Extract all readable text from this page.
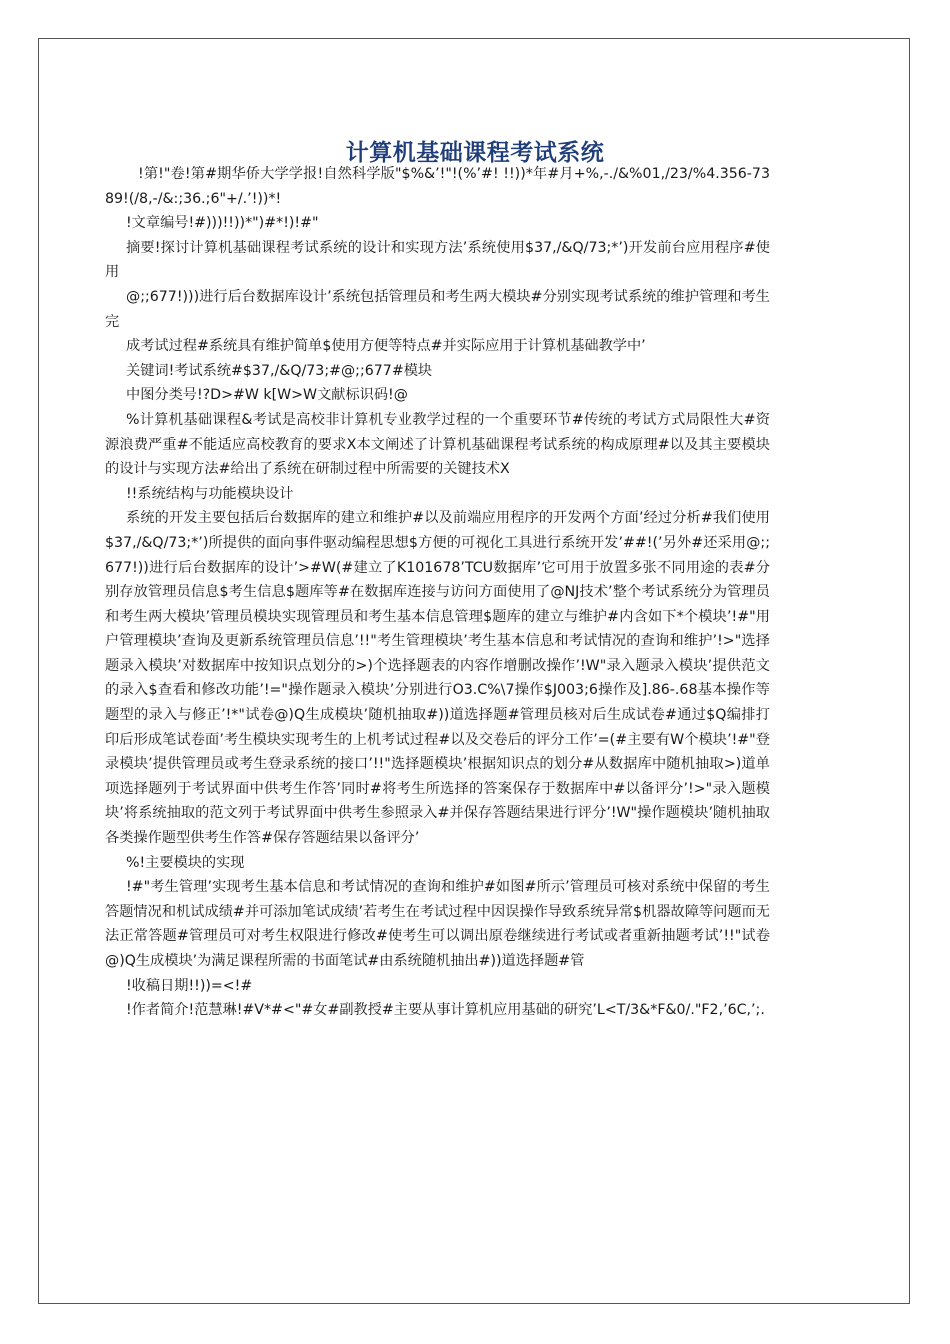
计算机基础课程考试系统

!第!"卷!第#期华侨大学学报!自然科学版"$%&’!"!(%’#! !!))*年#月+%,-./&%01,/23/%4.356-7389!(/8,-/&:;36.;6"+/.’!))*!

!文章编号!#)))!!))*")#*!)!#"

摘要!探讨计算机基础课程考试系统的设计和实现方法’系统使用$37,/&Q/73;*’)开发前台应用程序#使用

@;;677!)))进行后台数据库设计’系统包括管理员和考生两大模块#分别实现考试系统的维护管理和考生完

成考试过程#系统具有维护简单$使用方便等特点#并实际应用于计算机基础教学中’

关键词!考试系统#$37,/&Q/73;#@;;677#模块

中图分类号!?D>#W k[W>W文献标识码!@

%计算机基础课程&考试是高校非计算机专业教学过程的一个重要环节#传统的考试方式局限性大#资源浪费严重#不能适应高校教育的要求X本文阐述了计算机基础课程考试系统的构成原理#以及其主要模块的设计与实现方法#给出了系统在研制过程中所需要的关键技术X

!!系统结构与功能模块设计

系统的开发主要包括后台数据库的建立和维护#以及前端应用程序的开发两个方面’经过分析#我们使用$37,/&Q/73;*’)所提供的面向事件驱动编程思想$方便的可视化工具进行系统开发’##!(’另外#还采用@;;677!))进行后台数据库的设计’>#W(#建立了K101678’TCU数据库’它可用于放置多张不同用途的表#分别存放管理员信息$考生信息$题库等#在数据库连接与访问方面使用了@NJ技术’整个考试系统分为管理员和考生两大模块’管理员模块实现管理员和考生基本信息管理$题库的建立与维护#内含如下*个模块’!#"用户管理模块’查询及更新系统管理员信息’!!"考生管理模块’考生基本信息和考试情况的查询和维护’!>"选择题录入模块’对数据库中按知识点划分的>)个选择题表的内容作增删改操作’!W"录入题录入模块’提供范文的录入$查看和修改功能’!="操作题录入模块’分别进行O3.C%\7操作$J003;6操作及].86-.68基本操作等题型的录入与修正’!*"试卷@)Q生成模块’随机抽取#))道选择题#管理员核对后生成试卷#通过$Q编排打印后形成笔试卷面’考生模块实现考生的上机考试过程#以及交卷后的评分工作’=(#主要有W个模块’!#"登录模块’提供管理员或考生登录系统的接口’!!"选择题模块’根据知识点的划分#从数据库中随机抽取>)道单项选择题列于考试界面中供考生作答’同时#将考生所选择的答案保存于数据库中#以备评分’!>"录入题模块’将系统抽取的范文列于考试界面中供考生参照录入#并保存答题结果进行评分’!W"操作题模块’随机抽取各类操作题型供考生作答#保存答题结果以备评分’

%!主要模块的实现

!#"考生管理’实现考生基本信息和考试情况的查询和维护#如图#所示’管理员可核对系统中保留的考生答题情况和机试成绩#并可添加笔试成绩’若考生在考试过程中因误操作导致系统异常$机器故障等问题而无法正常答题#管理员可对考生权限进行修改#使考生可以调出原卷继续进行考试或者重新抽题考试’!!"试卷@)Q生成模块’为满足课程所需的书面笔试#由系统随机抽出#))道选择题#管

!收稿日期!!))=<!#

!作者简介!范慧琳!#V*#<"#女#副教授#主要从事计算机应用基础的研究’L<T/3&*F&0/."F2,’6C,’;.
